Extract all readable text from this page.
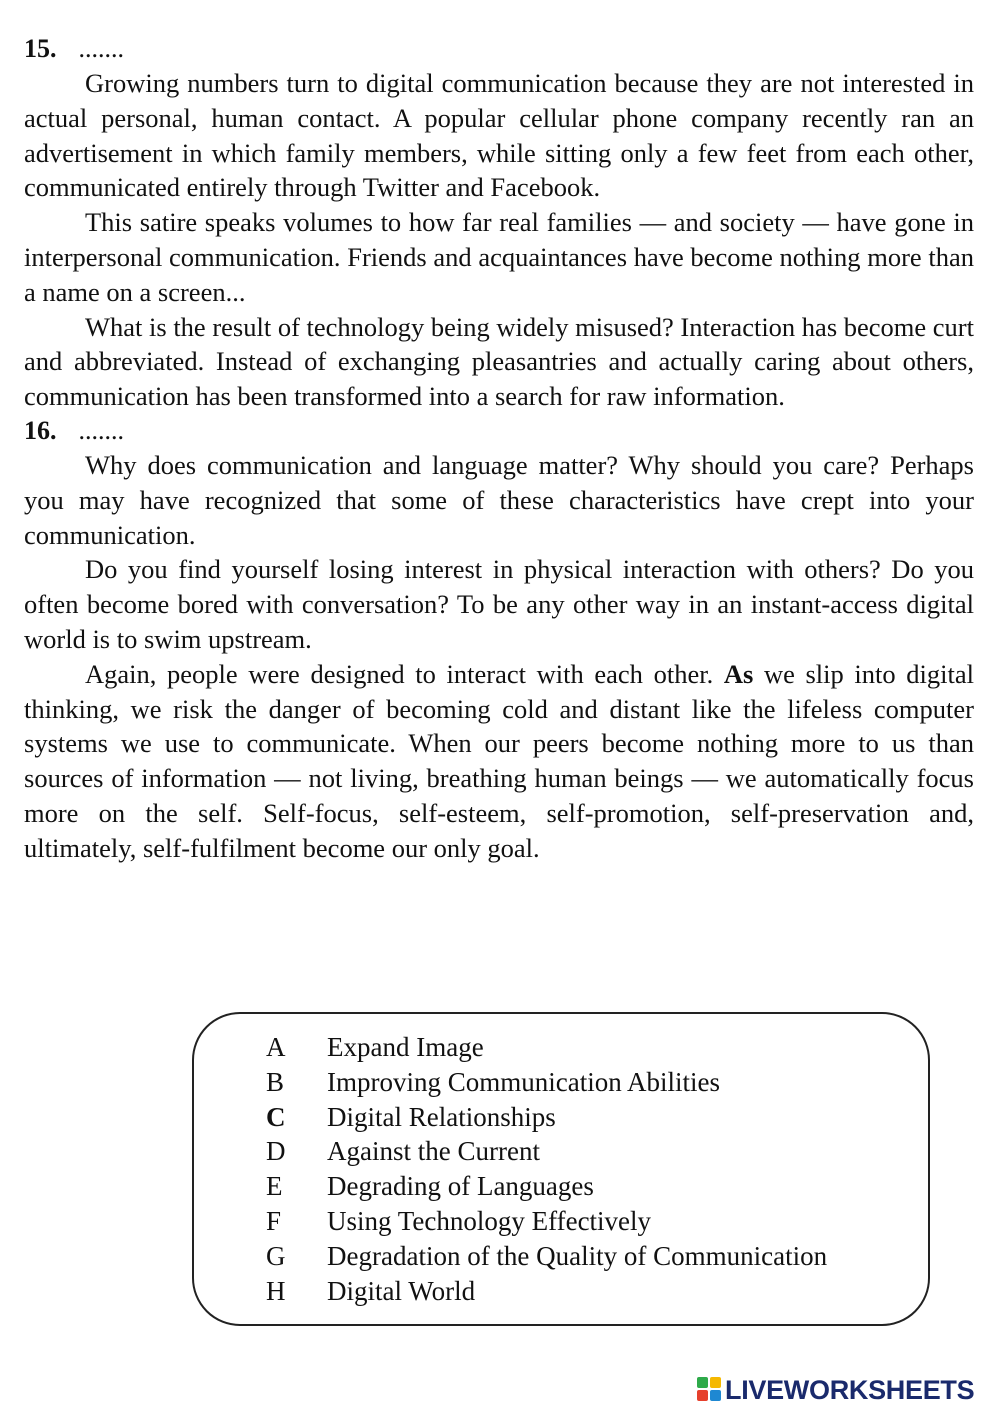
15. .......

Growing numbers turn to digital communication because they are not interested in actual personal, human contact. A popular cellular phone company recently ran an advertisement in which family members, while sitting only a few feet from each other, communicated entirely through Twitter and Facebook.

This satire speaks volumes to how far real families — and society — have gone in interpersonal communication. Friends and acquaintances have become nothing more than a name on a screen...

What is the result of technology being widely misused? Interaction has become curt and abbreviated. Instead of exchanging pleasantries and actually caring about others, communication has been transformed into a search for raw information.

16. .......

Why does communication and language matter? Why should you care? Perhaps you may have recognized that some of these characteristics have crept into your communication.

Do you find yourself losing interest in physical interaction with others? Do you often become bored with conversation? To be any other way in an instant-access digital world is to swim upstream.

Again, people were designed to interact with each other. As we slip into digital thinking, we risk the danger of becoming cold and distant like the lifeless computer systems we use to communicate. When our peers become nothing more to us than sources of information — not living, breathing human beings — we automatically focus more on the self. Self-focus, self-esteem, self-promotion, self-preservation and, ultimately, self-fulfilment become our only goal.

A	Expand Image
B	Improving Communication Abilities
C	Digital Relationships
D	Against the Current
E	Degrading of Languages
F	Using Technology Effectively
G	Degradation of the Quality of Communication
H	Digital World
LIVEWORKSHEETS
